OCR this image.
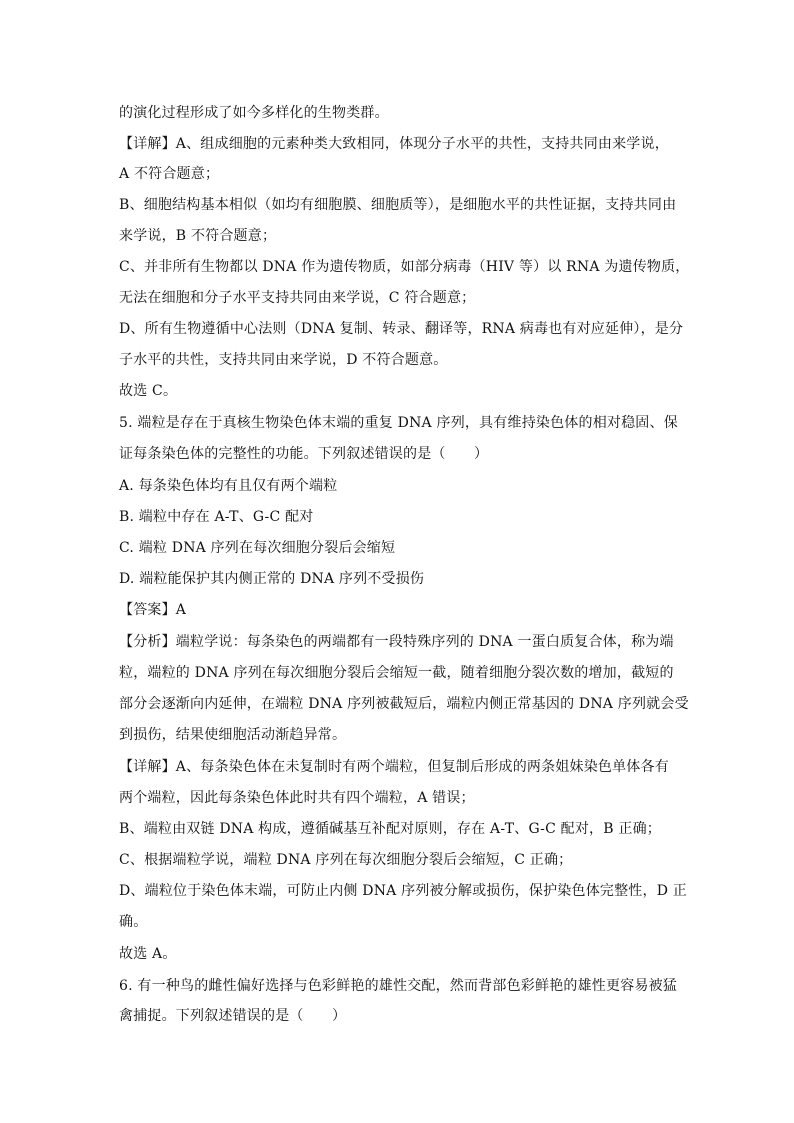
的演化过程形成了如今多样化的生物类群。
【详解】A、组成细胞的元素种类大致相同，体现分子水平的共性，支持共同由来学说，
A 不符合题意；
B、细胞结构基本相似（如均有细胞膜、细胞质等），是细胞水平的共性证据，支持共同由
来学说，B 不符合题意；
C、并非所有生物都以 DNA 作为遗传物质，如部分病毒（HIV 等）以 RNA 为遗传物质，
无法在细胞和分子水平支持共同由来学说，C 符合题意；
D、所有生物遵循中心法则（DNA 复制、转录、翻译等，RNA 病毒也有对应延伸），是分
子水平的共性，支持共同由来学说，D 不符合题意。
故选 C。
5. 端粒是存在于真核生物染色体末端的重复 DNA 序列，具有维持染色体的相对稳固、保
证每条染色体的完整性的功能。下列叙述错误的是（　　）
A. 每条染色体均有且仅有两个端粒
B. 端粒中存在 A-T、G-C 配对
C. 端粒 DNA 序列在每次细胞分裂后会缩短
D. 端粒能保护其内侧正常的 DNA 序列不受损伤
【答案】A
【分析】端粒学说：每条染色的两端都有一段特殊序列的 DNA 一蛋白质复合体，称为端
粒，端粒的 DNA 序列在每次细胞分裂后会缩短一截，随着细胞分裂次数的增加，截短的
部分会逐渐向内延伸，在端粒 DNA 序列被截短后，端粒内侧正常基因的 DNA 序列就会受
到损伤，结果使细胞活动渐趋异常。
【详解】A、每条染色体在未复制时有两个端粒，但复制后形成的两条姐妹染色单体各有
两个端粒，因此每条染色体此时共有四个端粒，A 错误；
B、端粒由双链 DNA 构成，遵循碱基互补配对原则，存在 A-T、G-C 配对，B 正确；
C、根据端粒学说，端粒 DNA 序列在每次细胞分裂后会缩短，C 正确；
D、端粒位于染色体末端，可防止内侧 DNA 序列被分解或损伤，保护染色体完整性，D 正
确。
故选 A。
6. 有一种鸟的雌性偏好选择与色彩鲜艳的雄性交配，然而背部色彩鲜艳的雄性更容易被猛
禽捕捉。下列叙述错误的是（　　）
